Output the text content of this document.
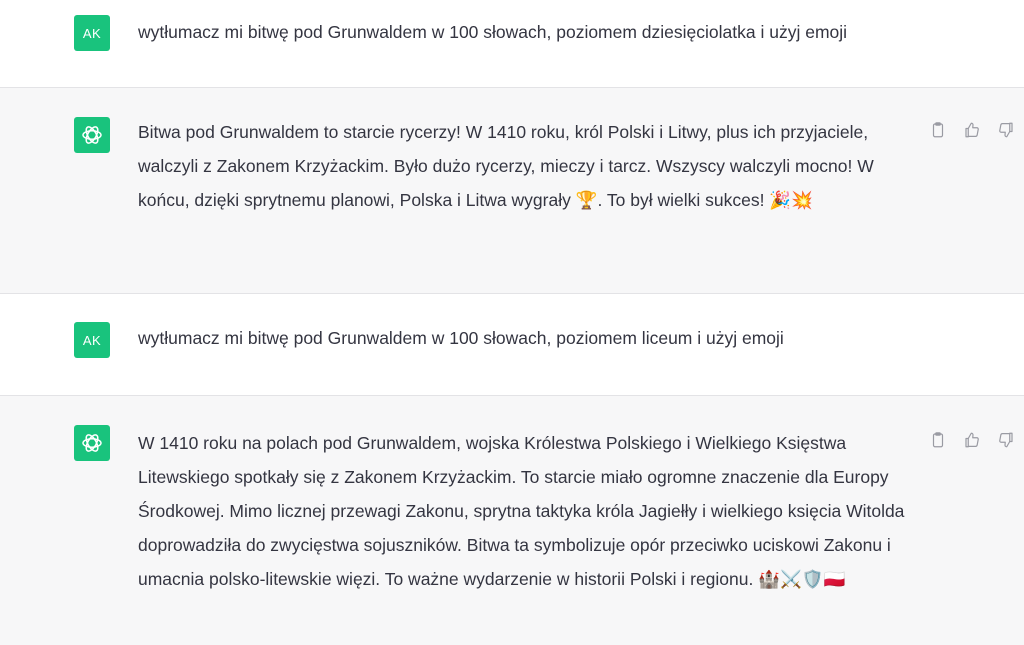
AK wytłumacz mi bitwę pod Grunwaldem w 100 słowach, poziomem dziesięciolatka i użyj emoji
Bitwa pod Grunwaldem to starcie rycerzy! W 1410 roku, król Polski i Litwy, plus ich przyjaciele, walczyli z Zakonem Krzyżackim. Było dużo rycerzy, mieczy i tarcz. Wszyscy walczyli mocno! W końcu, dzięki sprytnemu planowi, Polska i Litwa wygrały 🏆. To był wielki sukces! 🎉💥
AK wytłumacz mi bitwę pod Grunwaldem w 100 słowach, poziomem liceum i użyj emoji
W 1410 roku na polach pod Grunwaldem, wojska Królestwa Polskiego i Wielkiego Księstwa Litewskiego spotkały się z Zakonem Krzyżackim. To starcie miało ogromne znaczenie dla Europy Środkowej. Mimo licznej przewagi Zakonu, sprytna taktyka króla Jagiełły i wielkiego księcia Witolda doprowadziła do zwycięstwa sojuszników. Bitwa ta symbolizuje opór przeciwko uciskowi Zakonu i umacnia polsko-litewskie więzi. To ważne wydarzenie w historii Polski i regionu. 🏰⚔️🛡️🇵🇱
